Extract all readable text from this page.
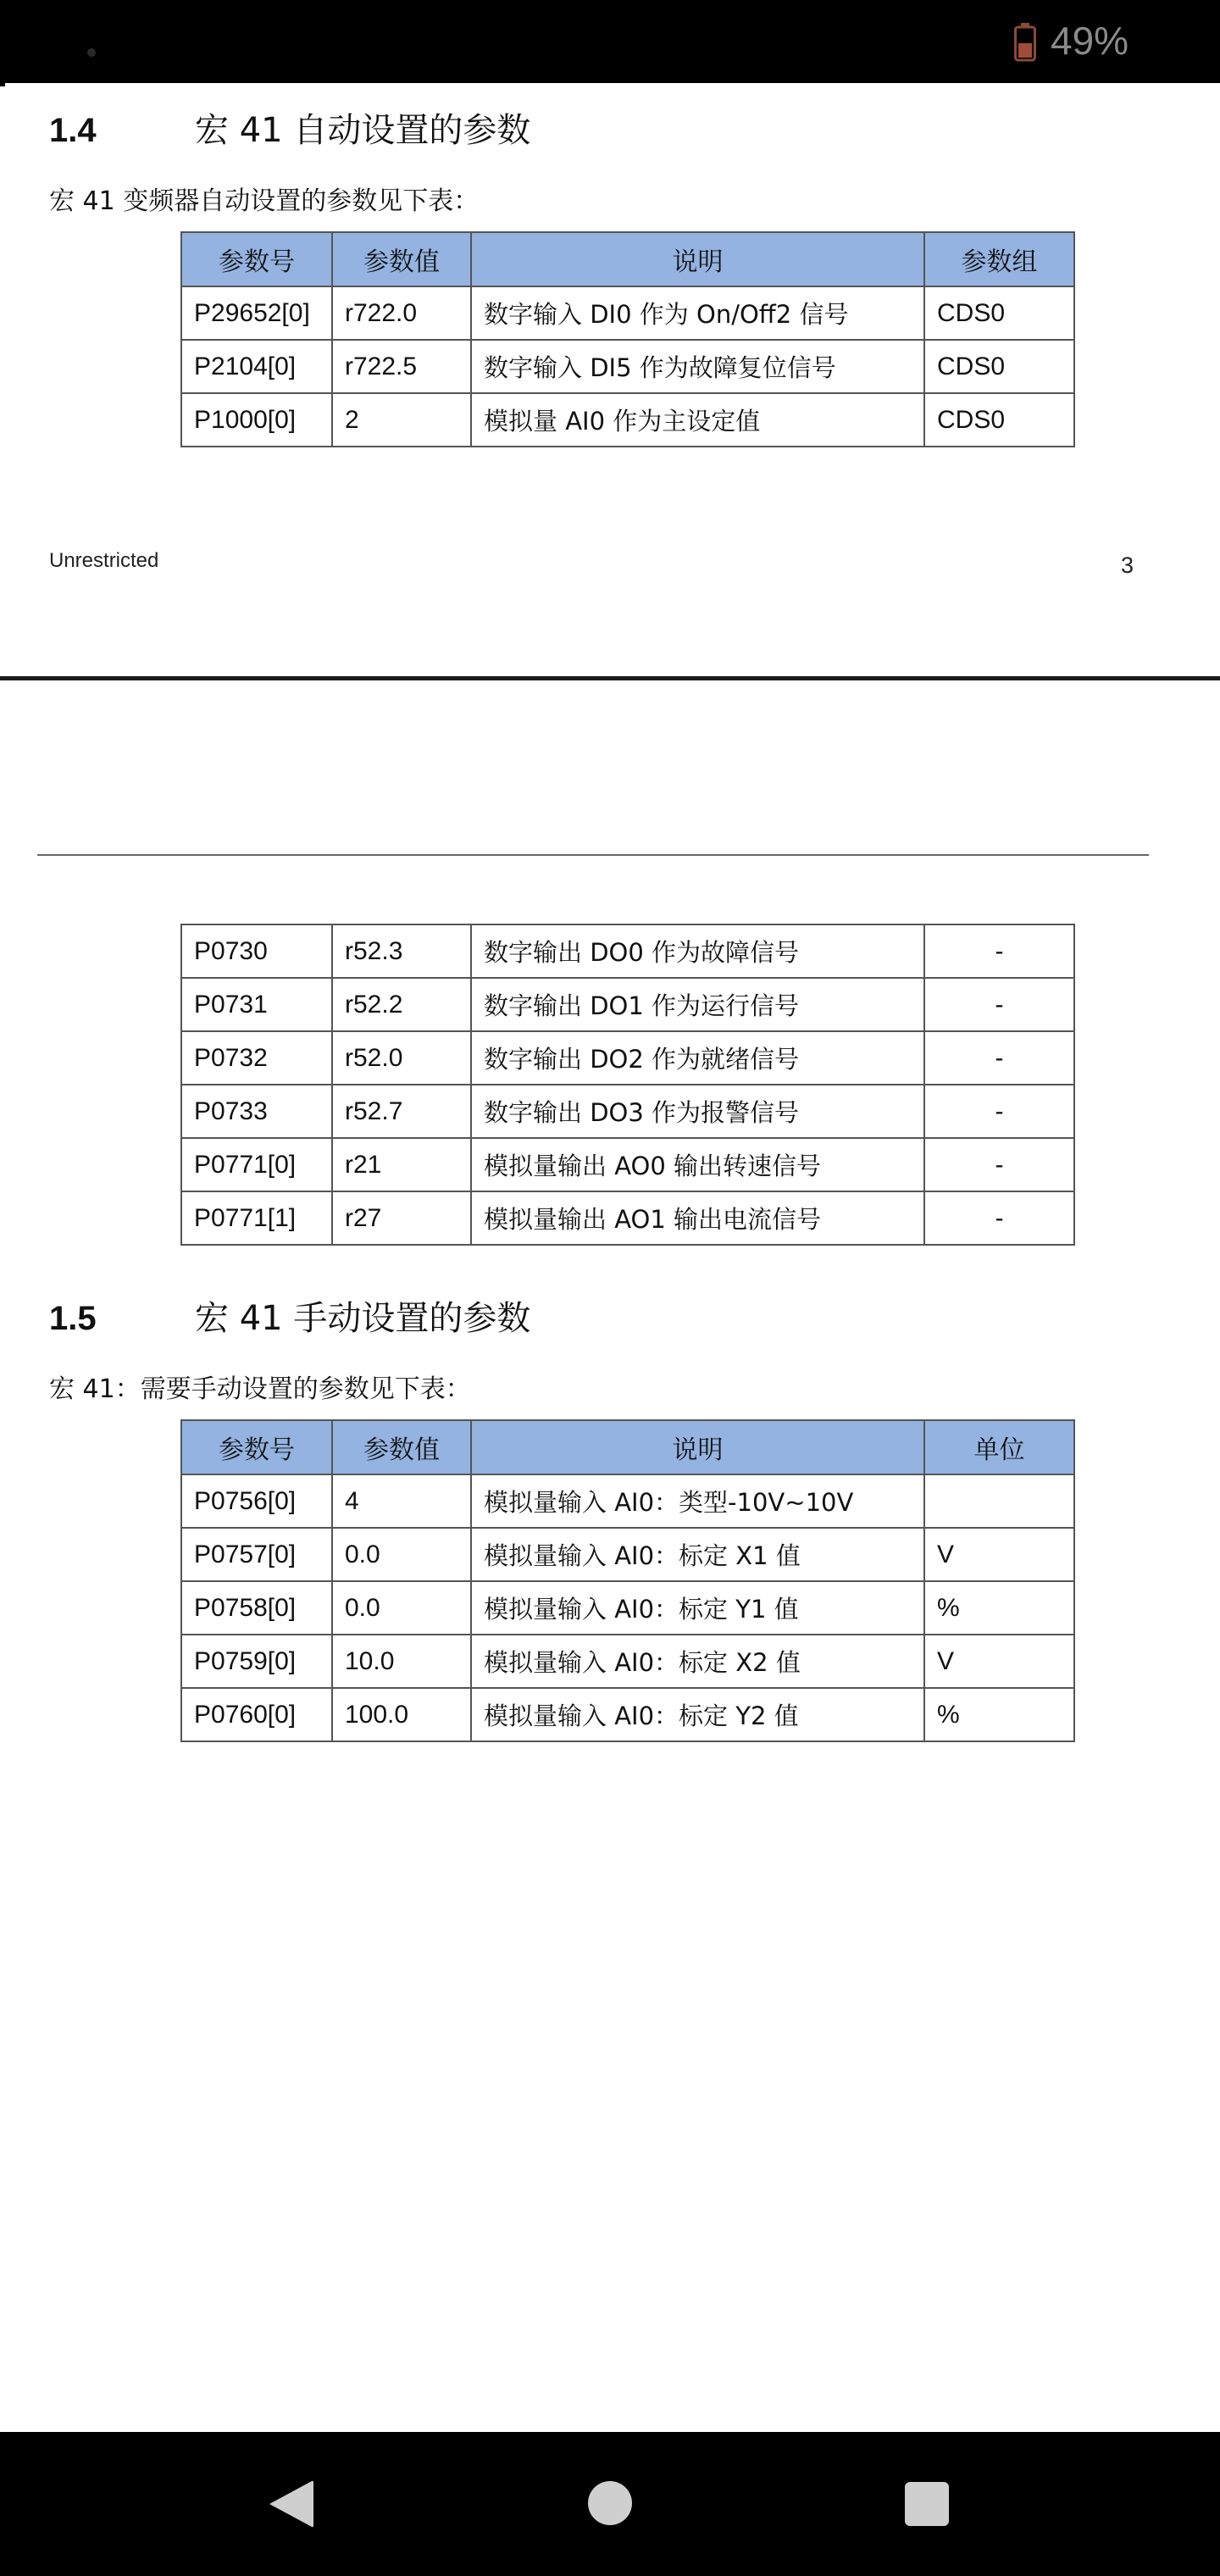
49%
1.4	宏 41 自动设置的参数
宏 41 变频器自动设置的参数见下表：
参数号	参数值	说明	参数组
P29652[0]	r722.0	数字输入 DI0 作为 On/Off2 信号	CDS0
P2104[0]	r722.5	数字输入 DI5 作为故障复位信号	CDS0
P1000[0]	2	模拟量 AI0 作为主设定值	CDS0
Unrestricted	3
P0730	r52.3	数字输出 DO0 作为故障信号	-
P0731	r52.2	数字输出 DO1 作为运行信号	-
P0732	r52.0	数字输出 DO2 作为就绪信号	-
P0733	r52.7	数字输出 DO3 作为报警信号	-
P0771[0]	r21	模拟量输出 AO0 输出转速信号	-
P0771[1]	r27	模拟量输出 AO1 输出电流信号	-
1.5	宏 41 手动设置的参数
宏 41：需要手动设置的参数见下表：
参数号	参数值	说明	单位
P0756[0]	4	模拟量输入 AI0：类型-10V~10V	
P0757[0]	0.0	模拟量输入 AI0：标定 X1 值	V
P0758[0]	0.0	模拟量输入 AI0：标定 Y1 值	%
P0759[0]	10.0	模拟量输入 AI0：标定 X2 值	V
P0760[0]	100.0	模拟量输入 AI0：标定 Y2 值	%
